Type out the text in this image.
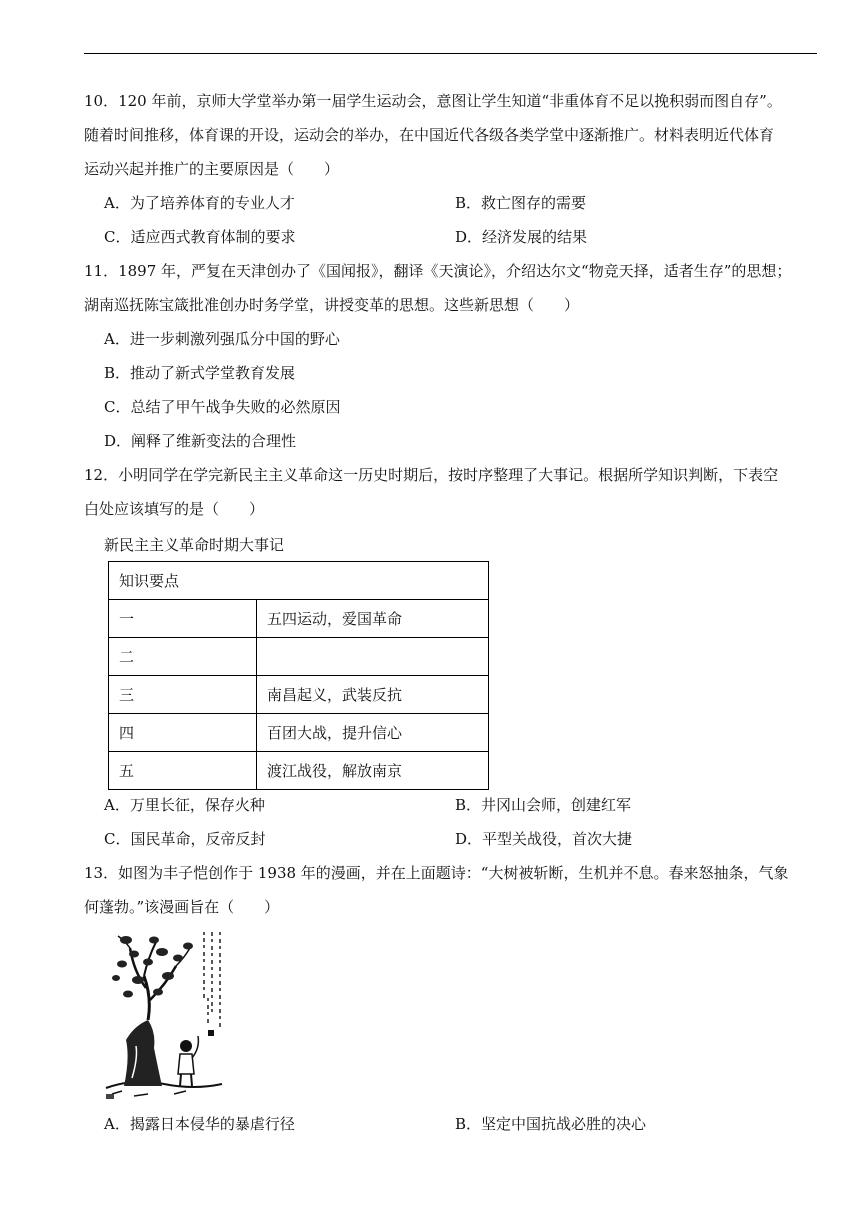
10．120 年前，京师大学堂举办第一届学生运动会，意图让学生知道“非重体育不足以挽积弱而图自存”。
随着时间推移，体育课的开设，运动会的举办，在中国近代各级各类学堂中逐渐推广。材料表明近代体育
运动兴起并推广的主要原因是（　　）
A．为了培养体育的专业人才	B．救亡图存的需要
C．适应西式教育体制的要求	D．经济发展的结果
11．1897 年，严复在天津创办了《国闻报》，翻译《天演论》，介绍达尔文“物竞天择，适者生存”的思想；
湖南巡抚陈宝箴批准创办时务学堂，讲授变革的思想。这些新思想（　　）
A．进一步刺激列强瓜分中国的野心
B．推动了新式学堂教育发展
C．总结了甲午战争失败的必然原因
D．阐释了维新变法的合理性
12．小明同学在学完新民主主义革命这一历史时期后，按时序整理了大事记。根据所学知识判断，下表空
白处应该填写的是（　　）
新民主主义革命时期大事记
知识要点	
一	五四运动，爱国革命
二	
三	南昌起义，武装反抗
四	百团大战，提升信心
五	渡江战役，解放南京
A．万里长征，保存火种	B．井冈山会师，创建红军
C．国民革命，反帝反封	D．平型关战役，首次大捷
13．如图为丰子恺创作于 1938 年的漫画，并在上面题诗：“大树被斩断，生机并不息。春来怒抽条，气象
何蓬勃。”该漫画旨在（　　）
A．揭露日本侵华的暴虐行径	B．坚定中国抗战必胜的决心
